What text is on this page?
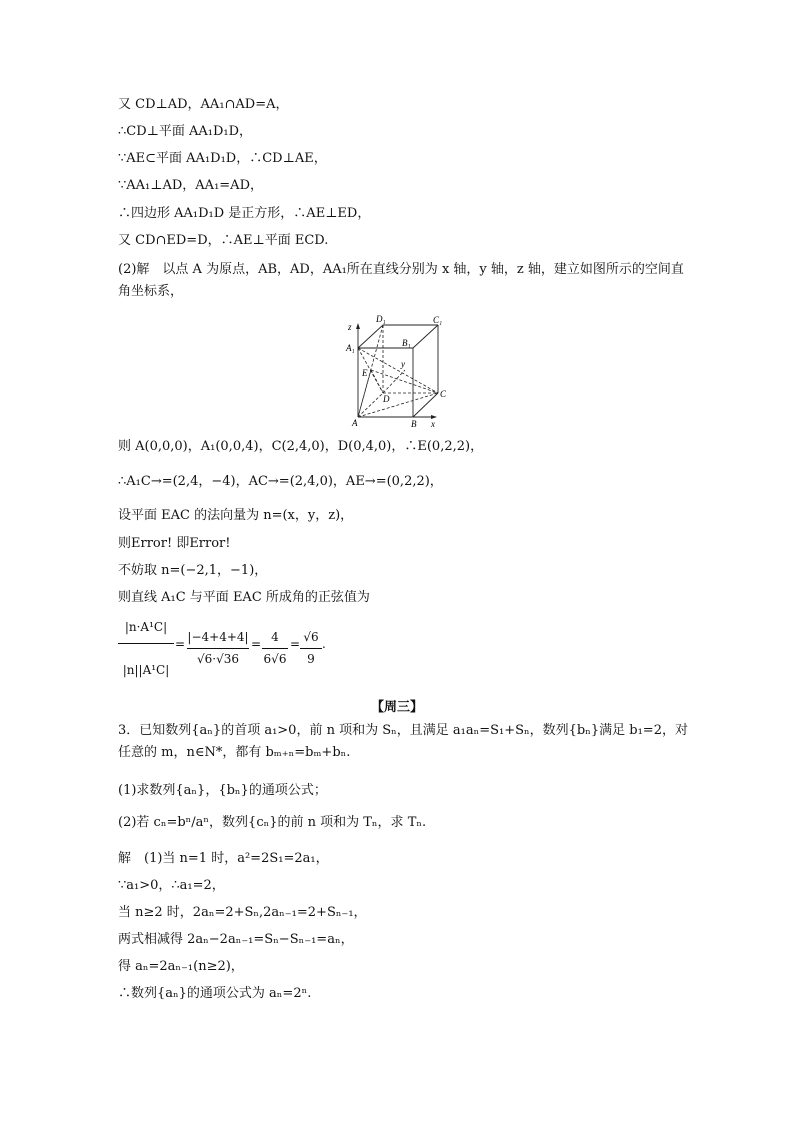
又 CD⊥AD，AA₁∩AD=A，
∴CD⊥平面 AA₁D₁D，
∵AE⊂平面 AA₁D₁D，∴CD⊥AE，
∵AA₁⊥AD，AA₁=AD，
∴四边形 AA₁D₁D 是正方形，∴AE⊥ED，
又 CD∩ED=D，∴AE⊥平面 ECD.
(2)解　以点 A 为原点，AB，AD，AA₁所在直线分别为 x 轴，y 轴，z 轴，建立如图所示的空间直角坐标系，
z
D₁	C₁
A₁	B₁
y
E
D	C
A	B x
则 A(0,0,0)，A₁(0,0,4)，C(2,4,0)，D(0,4,0)，∴E(0,2,2)，
∴A₁C→=(2,4，−4)，AC→=(2,4,0)，AE→=(0,2,2)，
设平面 EAC 的法向量为 n=(x，y，z)，
则Error! 即Error!
不妨取 n=(−2,1，−1)，
则直线 A₁C 与平面 EAC 所成角的正弦值为
|n·A¹C|
|n||A¹C|
= |−4+4+4|
√6·√36
= 4
6√6
= √6
9
.
【周三】
3．已知数列{aₙ}的首项 a₁>0，前 n 项和为 Sₙ，且满足 a₁aₙ=S₁+Sₙ，数列{bₙ}满足 b₁=2，对任意的 m，n∈N*，都有 bₘ₊ₙ=bₘ+bₙ.
(1)求数列{aₙ}，{bₙ}的通项公式；
(2)若 cₙ=bⁿ/aⁿ，数列{cₙ}的前 n 项和为 Tₙ，求 Tₙ.
解　(1)当 n=1 时，a²=2S₁=2a₁，
∵a₁>0，∴a₁=2，
当 n≥2 时，2aₙ=2+Sₙ,2aₙ₋₁=2+Sₙ₋₁，
两式相减得 2aₙ−2aₙ₋₁=Sₙ−Sₙ₋₁=aₙ，
得 aₙ=2aₙ₋₁(n≥2)，
∴数列{aₙ}的通项公式为 aₙ=2ⁿ.
